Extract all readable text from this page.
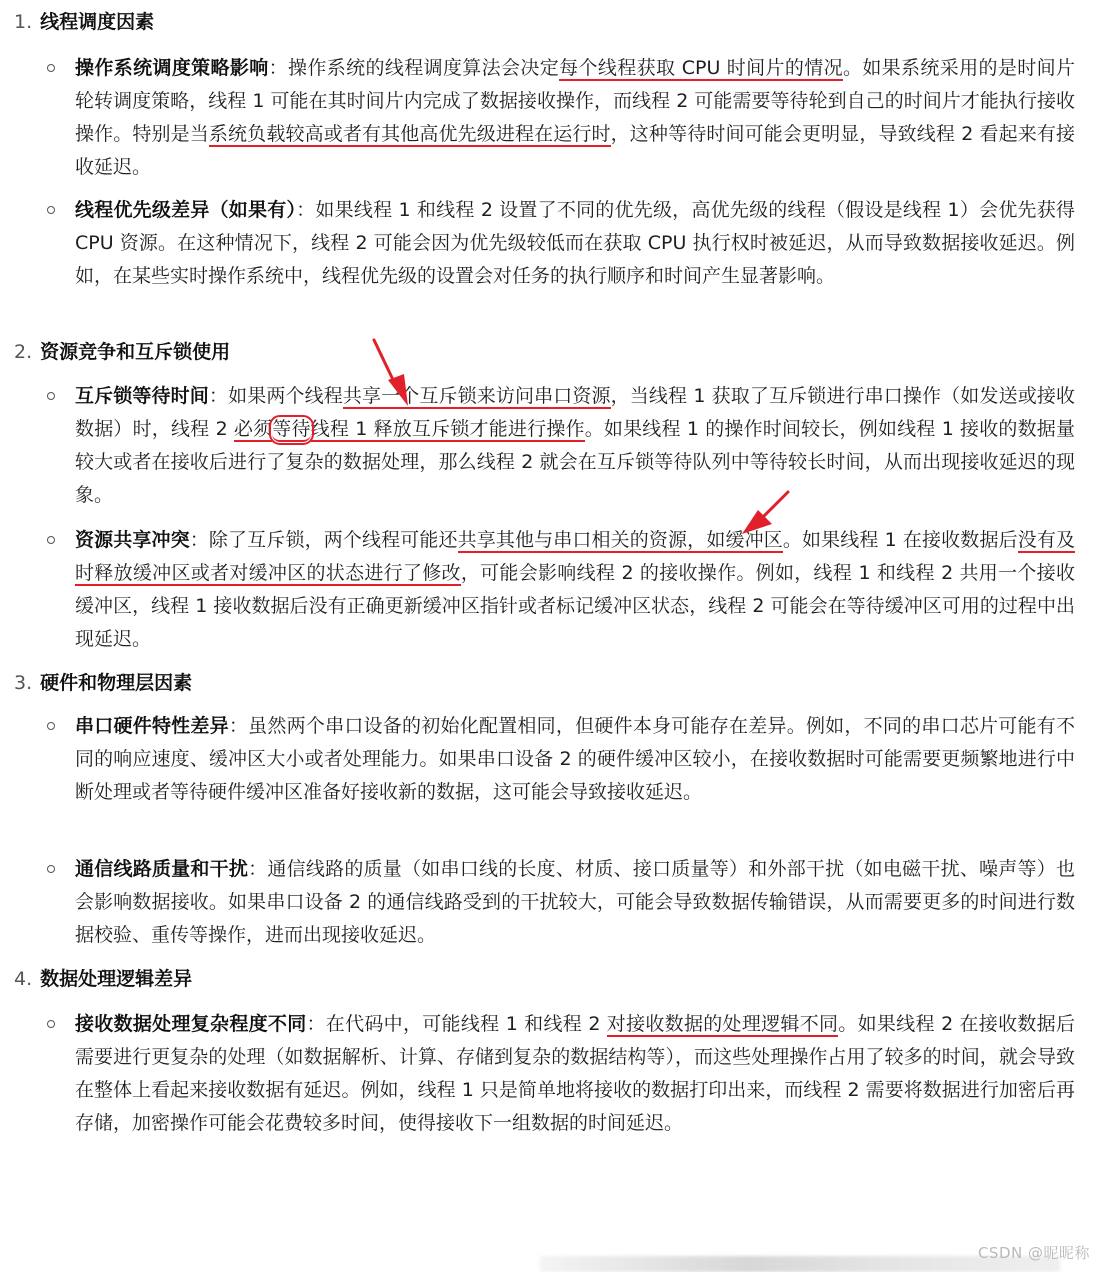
1. 线程调度因素

操作系统调度策略影响：操作系统的线程调度算法会决定每个线程获取 CPU 时间片的情况。如果系统采用的是时间片轮转调度策略，线程 1 可能在其时间片内完成了数据接收操作，而线程 2 可能需要等待轮到自己的时间片才能执行接收操作。特别是当系统负载较高或者有其他高优先级进程在运行时，这种等待时间可能会更明显，导致线程 2 看起来有接收延迟。

线程优先级差异（如果有）：如果线程 1 和线程 2 设置了不同的优先级，高优先级的线程（假设是线程 1）会优先获得 CPU 资源。在这种情况下，线程 2 可能会因为优先级较低而在获取 CPU 执行权时被延迟，从而导致数据接收延迟。例如，在某些实时操作系统中，线程优先级的设置会对任务的执行顺序和时间产生显著影响。

2. 资源竞争和互斥锁使用

互斥锁等待时间：如果两个线程共享一个互斥锁来访问串口资源，当线程 1 获取了互斥锁进行串口操作（如发送或接收数据）时，线程 2 必须等待线程 1 释放互斥锁才能进行操作。如果线程 1 的操作时间较长，例如线程 1 接收的数据量较大或者在接收后进行了复杂的数据处理，那么线程 2 就会在互斥锁等待队列中等待较长时间，从而出现接收延迟的现象。

资源共享冲突：除了互斥锁，两个线程可能还共享其他与串口相关的资源，如缓冲区。如果线程 1 在接收数据后没有及时释放缓冲区或者对缓冲区的状态进行了修改，可能会影响线程 2 的接收操作。例如，线程 1 和线程 2 共用一个接收缓冲区，线程 1 接收数据后没有正确更新缓冲区指针或者标记缓冲区状态，线程 2 可能会在等待缓冲区可用的过程中出现延迟。

3. 硬件和物理层因素

串口硬件特性差异：虽然两个串口设备的初始化配置相同，但硬件本身可能存在差异。例如，不同的串口芯片可能有不同的响应速度、缓冲区大小或者处理能力。如果串口设备 2 的硬件缓冲区较小，在接收数据时可能需要更频繁地进行中断处理或者等待硬件缓冲区准备好接收新的数据，这可能会导致接收延迟。

通信线路质量和干扰：通信线路的质量（如串口线的长度、材质、接口质量等）和外部干扰（如电磁干扰、噪声等）也会影响数据接收。如果串口设备 2 的通信线路受到的干扰较大，可能会导致数据传输错误，从而需要更多的时间进行数据校验、重传等操作，进而出现接收延迟。

4. 数据处理逻辑差异

接收数据处理复杂程度不同：在代码中，可能线程 1 和线程 2 对接收数据的处理逻辑不同。如果线程 2 在接收数据后需要进行更复杂的处理（如数据解析、计算、存储到复杂的数据结构等），而这些处理操作占用了较多的时间，就会导致在整体上看起来接收数据有延迟。例如，线程 1 只是简单地将接收的数据打印出来，而线程 2 需要将数据进行加密后再存储，加密操作可能会花费较多时间，使得接收下一组数据的时间延迟。

CSDN @昵昵称
